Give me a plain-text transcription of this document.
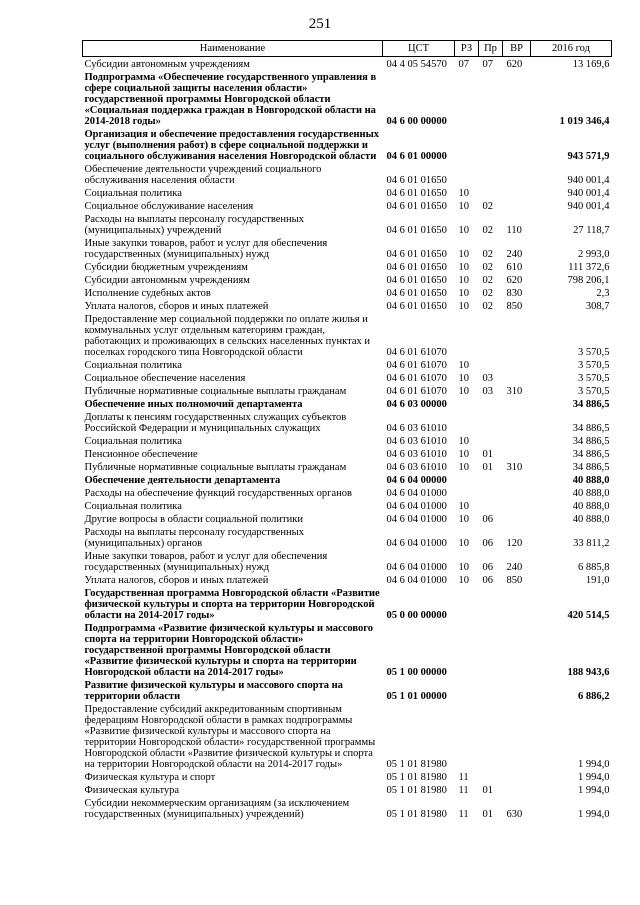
251
Наименование	ЦСТ	РЗ	Пр	ВР	2016 год
Субсидии автономным учреждениям	04 4 05 54570	07	07	620	13 169,6
Подпрограмма «Обеспечение государственного управления в сфере социальной защиты населения области» государственной программы Новгородской области «Социальная поддержка граждан в Новгородской области на 2014-2018 годы»	04 6 00 00000				1 019 346,4
Организация и обеспечение предоставления государственных услуг (выполнения работ) в сфере социальной поддержки и социального обслуживания населения Новгородской области	04 6 01 00000				943 571,9
Обеспечение деятельности учреждений социального обслуживания населения области	04 6 01 01650				940 001,4
Социальная политика	04 6 01 01650	10			940 001,4
Социальное обслуживание населения	04 6 01 01650	10	02		940 001,4
Расходы на выплаты персоналу государственных (муниципальных) учреждений	04 6 01 01650	10	02	110	27 118,7
Иные закупки товаров, работ и услуг для обеспечения государственных (муниципальных) нужд	04 6 01 01650	10	02	240	2 993,0
Субсидии бюджетным учреждениям	04 6 01 01650	10	02	610	111 372,6
Субсидии автономным учреждениям	04 6 01 01650	10	02	620	798 206,1
Исполнение судебных актов	04 6 01 01650	10	02	830	2,3
Уплата налогов, сборов и иных платежей	04 6 01 01650	10	02	850	308,7
Предоставление мер социальной поддержки по оплате жилья и коммунальных услуг отдельным категориям граждан, работающих и проживающих в сельских населенных пунктах и поселках городского типа Новгородской области	04 6 01 61070				3 570,5
Социальная политика	04 6 01 61070	10			3 570,5
Социальное обеспечение населения	04 6 01 61070	10	03		3 570,5
Публичные нормативные социальные выплаты гражданам	04 6 01 61070	10	03	310	3 570,5
Обеспечение иных полномочий департамента	04 6 03 00000				34 886,5
Доплаты к пенсиям государственных служащих субъектов Российской Федерации и муниципальных служащих	04 6 03 61010				34 886,5
Социальная политика	04 6 03 61010	10			34 886,5
Пенсионное обеспечение	04 6 03 61010	10	01		34 886,5
Публичные нормативные социальные выплаты гражданам	04 6 03 61010	10	01	310	34 886,5
Обеспечение деятельности департамента	04 6 04 00000				40 888,0
Расходы на обеспечение функций государственных органов	04 6 04 01000				40 888,0
Социальная политика	04 6 04 01000	10			40 888,0
Другие вопросы в области социальной политики	04 6 04 01000	10	06		40 888,0
Расходы на выплаты персоналу государственных (муниципальных) органов	04 6 04 01000	10	06	120	33 811,2
Иные закупки товаров, работ и услуг для обеспечения государственных (муниципальных) нужд	04 6 04 01000	10	06	240	6 885,8
Уплата налогов, сборов и иных платежей	04 6 04 01000	10	06	850	191,0
Государственная программа Новгородской области «Развитие физической культуры и спорта на территории Новгородской области на 2014-2017 годы»	05 0 00 00000				420 514,5
Подпрограмма «Развитие физической культуры и массового спорта на территории Новгородской области» государственной программы Новгородской области «Развитие физической культуры и спорта на территории Новгородской области на 2014-2017 годы»	05 1 00 00000				188 943,6
Развитие физической культуры и массового спорта на территории области	05 1 01 00000				6 886,2
Предоставление субсидий аккредитованным спортивным федерациям Новгородской области в рамках подпрограммы «Развитие физической культуры и массового спорта на территории Новгородской области» государственной программы Новгородской области «Развитие физической культуры и спорта на территории Новгородской области на 2014-2017 годы»	05 1 01 81980				1 994,0
Физическая культура и спорт	05 1 01 81980	11			1 994,0
Физическая культура	05 1 01 81980	11	01		1 994,0
Субсидии некоммерческим организациям (за исключением государственных (муниципальных) учреждений)	05 1 01 81980	11	01	630	1 994,0
